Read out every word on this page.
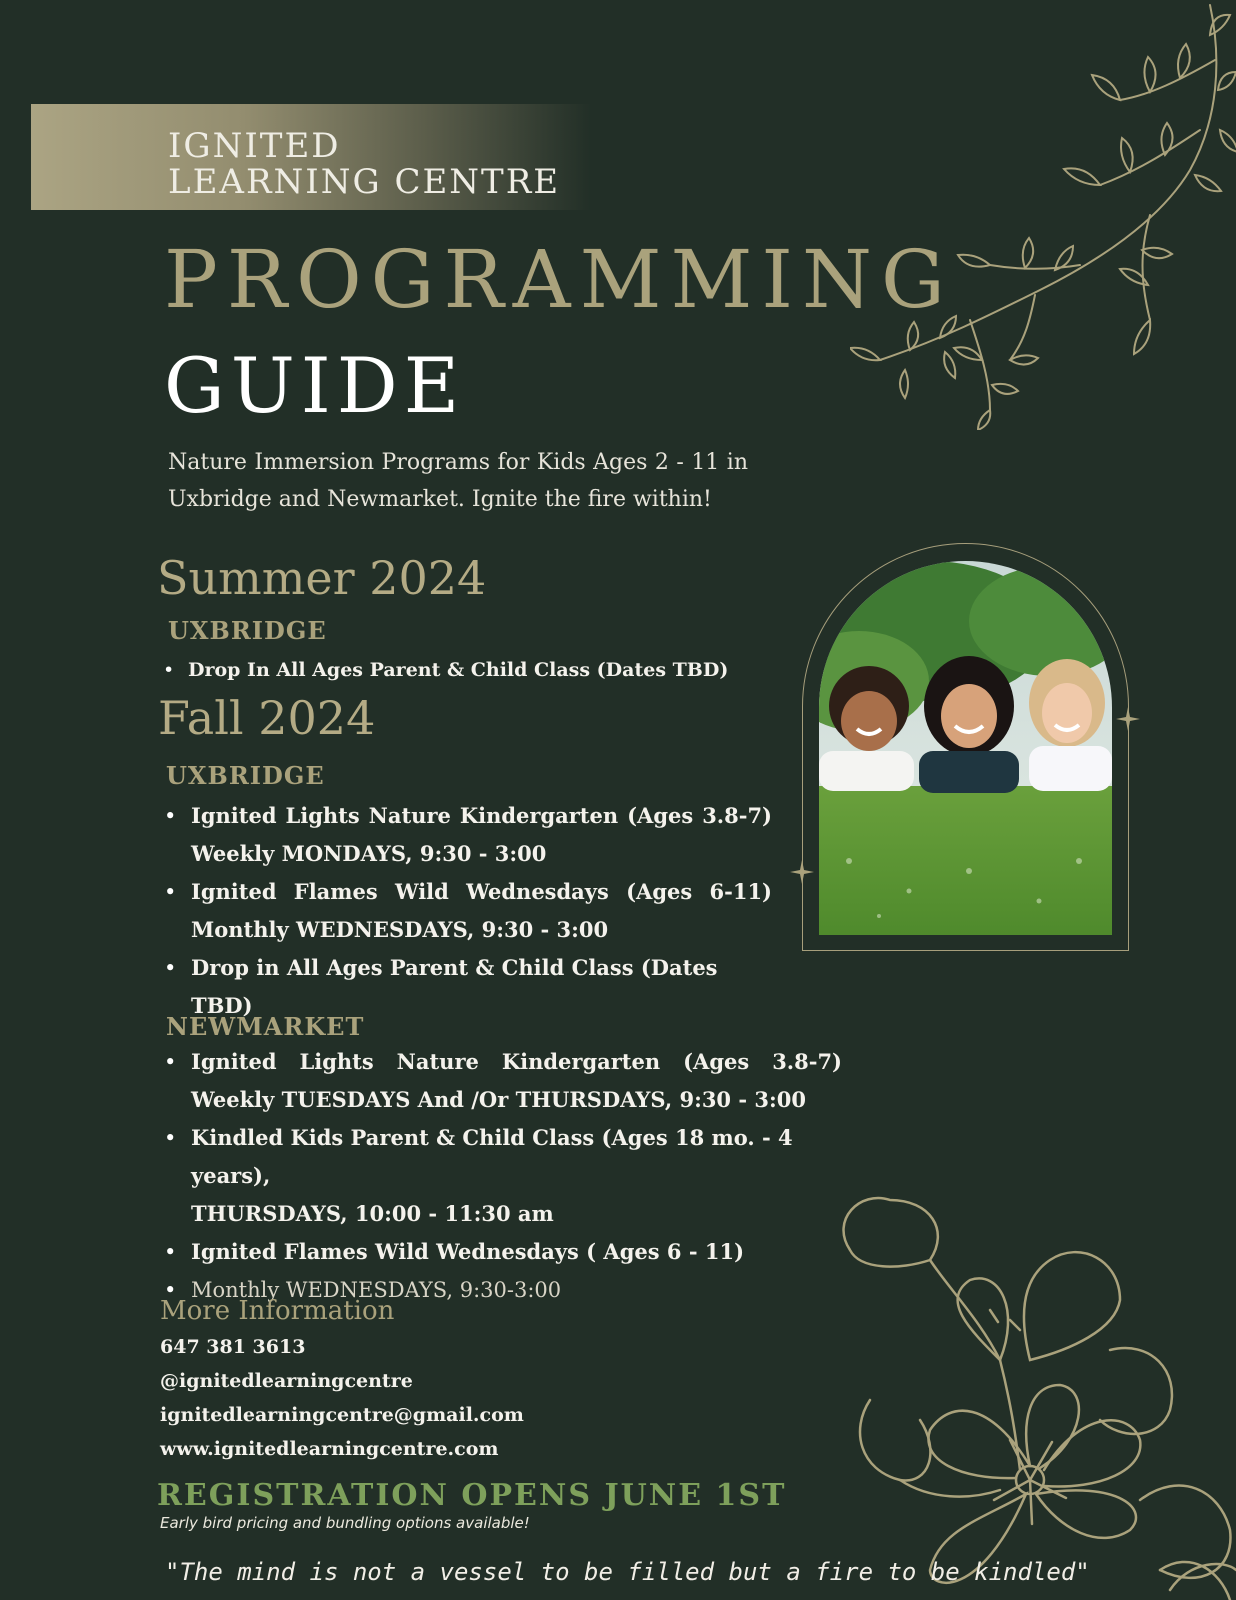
IGNITED
LEARNING CENTRE
PROGRAMMING
GUIDE
Nature Immersion Programs for Kids Ages 2 - 11 in
Uxbridge and Newmarket. Ignite the fire within!
Summer 2024
UXBRIDGE
• Drop In All Ages Parent & Child Class (Dates TBD)
Fall 2024
UXBRIDGE
• Ignited Lights Nature Kindergarten (Ages 3.8-7)
Weekly MONDAYS, 9:30 - 3:00
• Ignited Flames Wild Wednesdays (Ages 6-11)
Monthly WEDNESDAYS, 9:30 - 3:00
• Drop in All Ages Parent & Child Class (Dates TBD)
NEWMARKET
• Ignited Lights Nature Kindergarten (Ages 3.8-7)
Weekly TUESDAYS And /Or THURSDAYS, 9:30 - 3:00
• Kindled Kids Parent & Child Class (Ages 18 mo. - 4 years),
THURSDAYS, 10:00 - 11:30 am
• Ignited Flames Wild Wednesdays ( Ages 6 - 11)
• Monthly WEDNESDAYS, 9:30-3:00
More Information
647 381 3613
@ignitedlearningcentre
ignitedlearningcentre@gmail.com
www.ignitedlearningcentre.com
REGISTRATION OPENS JUNE 1ST
Early bird pricing and bundling options available!
"The mind is not a vessel to be filled but a fire to be kindled"
